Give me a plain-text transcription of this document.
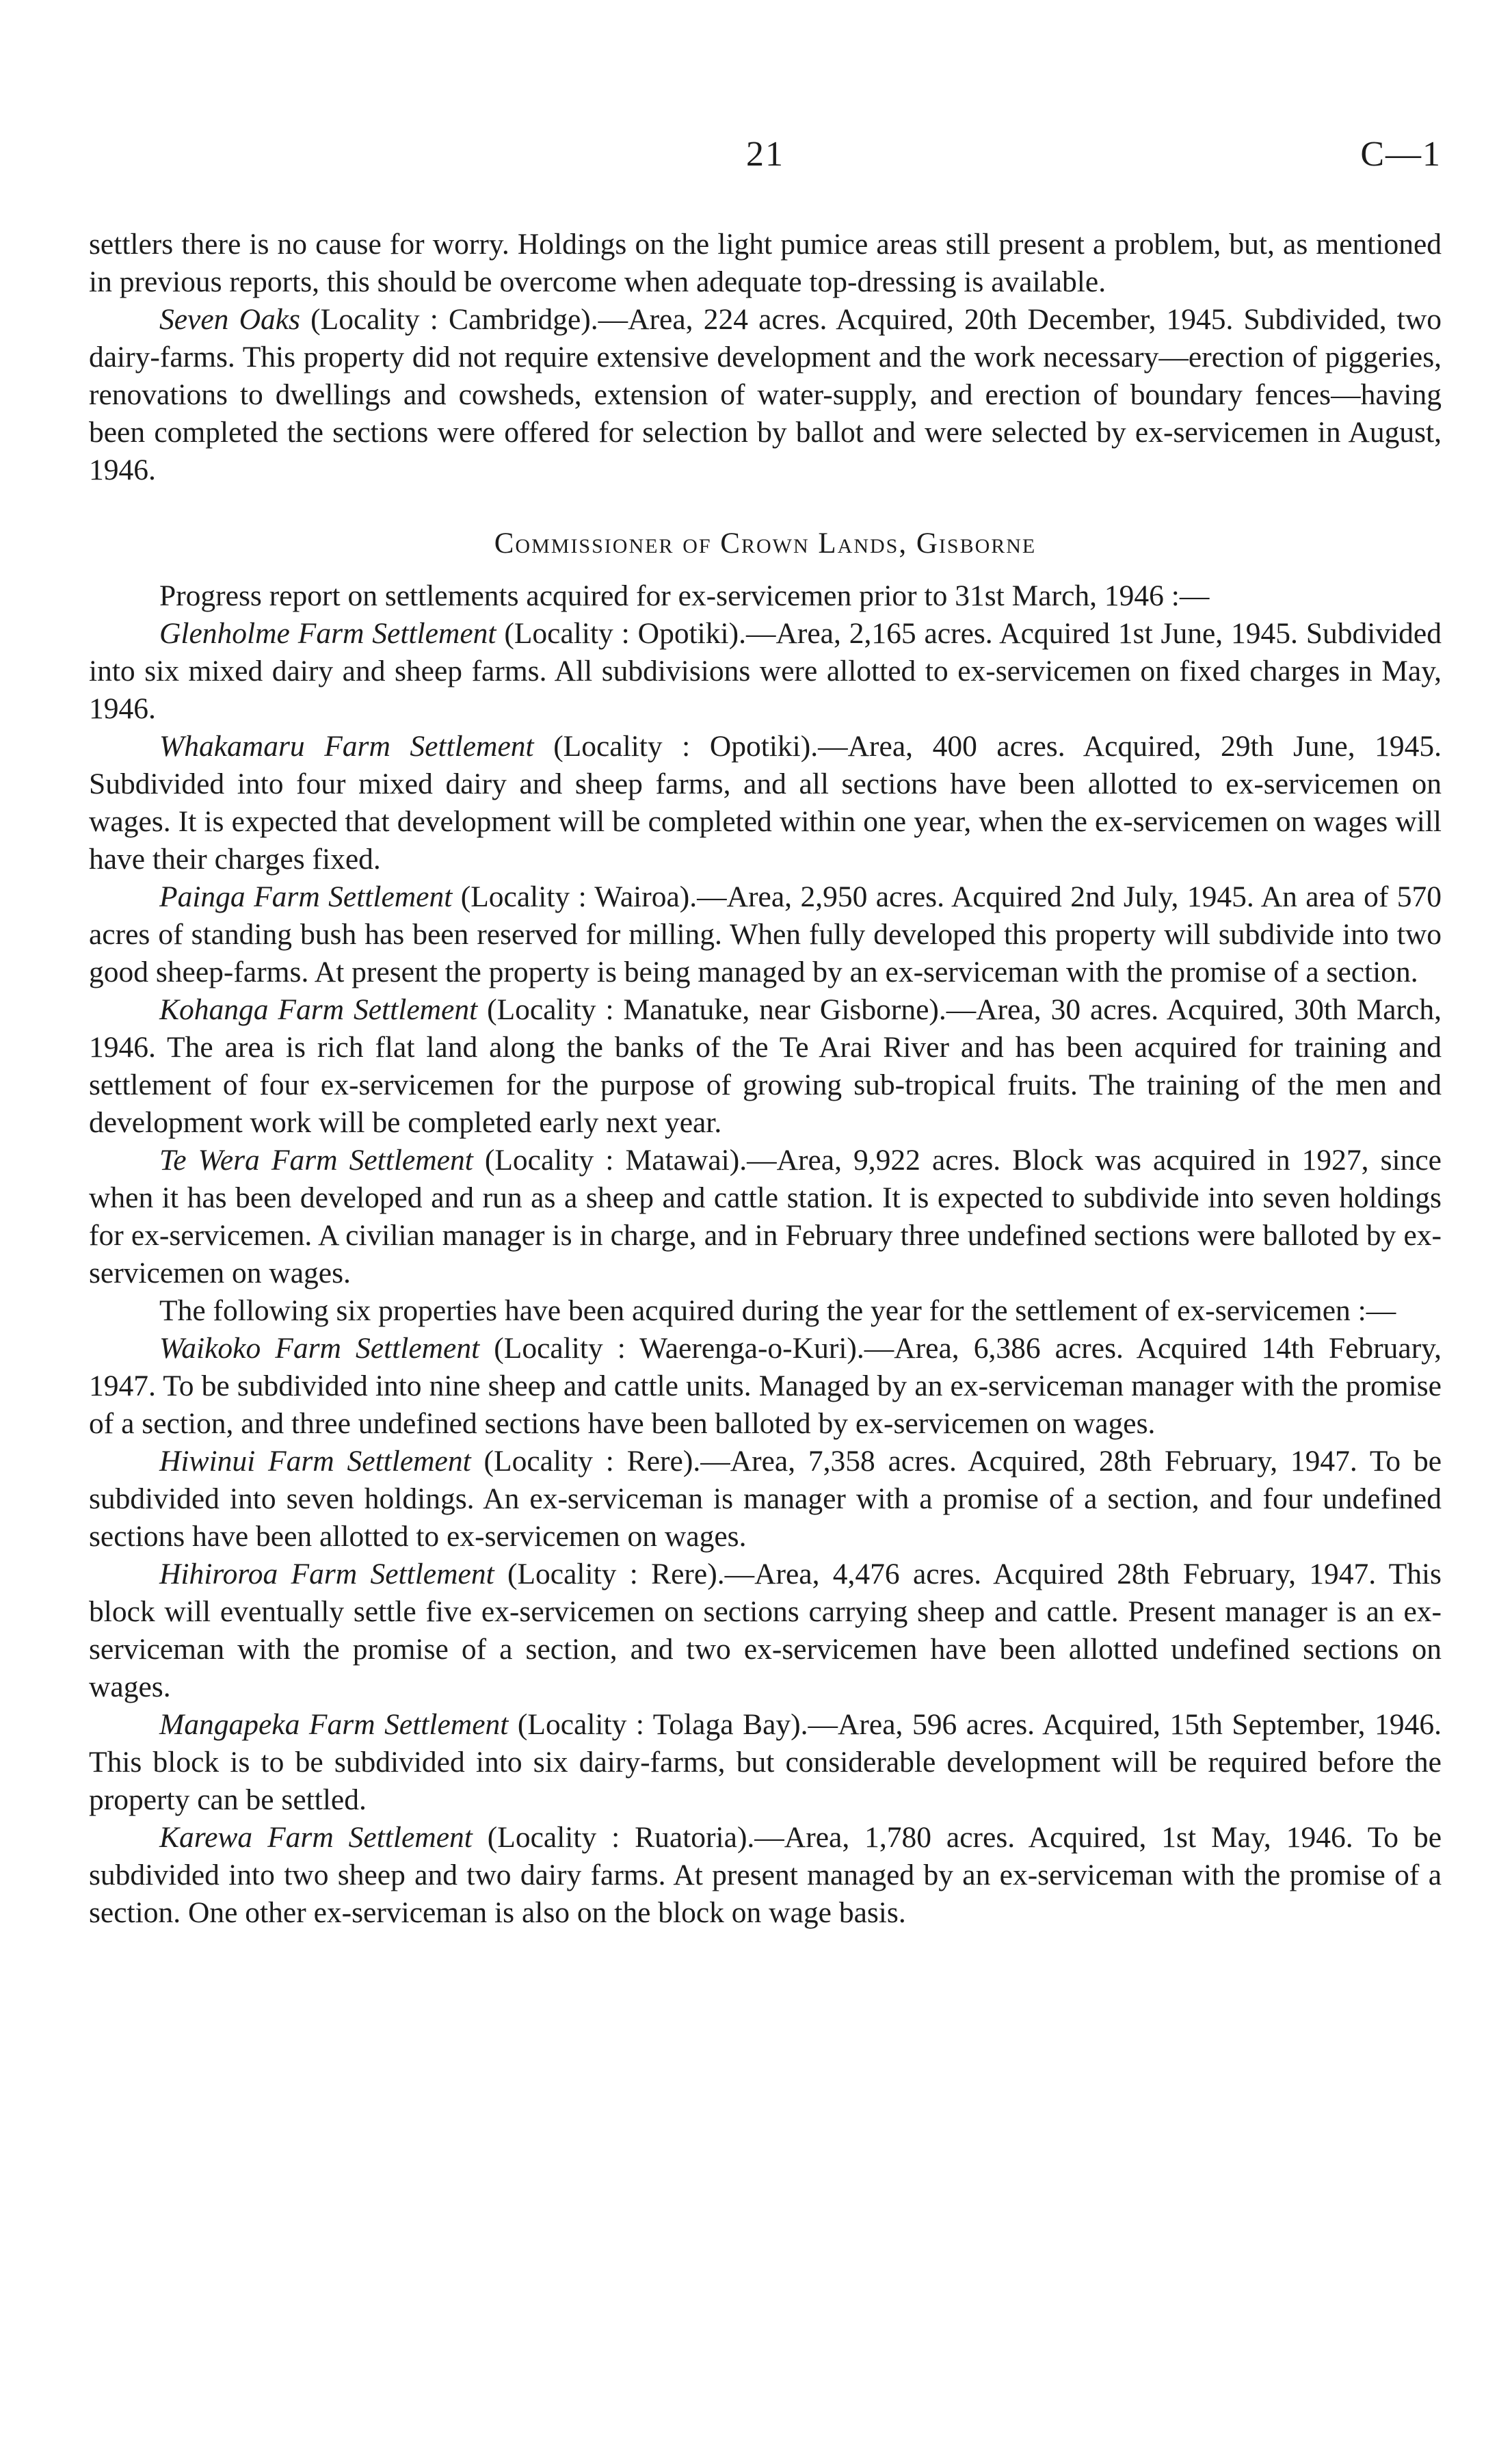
21	C—1

settlers there is no cause for worry. Holdings on the light pumice areas still present a problem, but, as mentioned in previous reports, this should be overcome when adequate top-dressing is available.

Seven Oaks (Locality : Cambridge).—Area, 224 acres. Acquired, 20th December, 1945. Subdivided, two dairy-farms. This property did not require extensive development and the work necessary—erection of piggeries, renovations to dwellings and cowsheds, extension of water-supply, and erection of boundary fences—having been completed the sections were offered for selection by ballot and were selected by ex-servicemen in August, 1946.

Commissioner of Crown Lands, Gisborne

Progress report on settlements acquired for ex-servicemen prior to 31st March, 1946 :—

Glenholme Farm Settlement (Locality : Opotiki).—Area, 2,165 acres. Acquired 1st June, 1945. Subdivided into six mixed dairy and sheep farms. All subdivisions were allotted to ex-servicemen on fixed charges in May, 1946.

Whakamaru Farm Settlement (Locality : Opotiki).—Area, 400 acres. Acquired, 29th June, 1945. Subdivided into four mixed dairy and sheep farms, and all sections have been allotted to ex-servicemen on wages. It is expected that development will be completed within one year, when the ex-servicemen on wages will have their charges fixed.

Painga Farm Settlement (Locality : Wairoa).—Area, 2,950 acres. Acquired 2nd July, 1945. An area of 570 acres of standing bush has been reserved for milling. When fully developed this property will subdivide into two good sheep-farms. At present the property is being managed by an ex-serviceman with the promise of a section.

Kohanga Farm Settlement (Locality : Manatuke, near Gisborne).—Area, 30 acres. Acquired, 30th March, 1946. The area is rich flat land along the banks of the Te Arai River and has been acquired for training and settlement of four ex-servicemen for the purpose of growing sub-tropical fruits. The training of the men and development work will be completed early next year.

Te Wera Farm Settlement (Locality : Matawai).—Area, 9,922 acres. Block was acquired in 1927, since when it has been developed and run as a sheep and cattle station. It is expected to subdivide into seven holdings for ex-servicemen. A civilian manager is in charge, and in February three undefined sections were balloted by ex-servicemen on wages.

The following six properties have been acquired during the year for the settlement of ex-servicemen :—

Waikoko Farm Settlement (Locality : Waerenga-o-Kuri).—Area, 6,386 acres. Acquired 14th February, 1947. To be subdivided into nine sheep and cattle units. Managed by an ex-serviceman manager with the promise of a section, and three undefined sections have been balloted by ex-servicemen on wages.

Hiwinui Farm Settlement (Locality : Rere).—Area, 7,358 acres. Acquired, 28th February, 1947. To be subdivided into seven holdings. An ex-serviceman is manager with a promise of a section, and four undefined sections have been allotted to ex-servicemen on wages.

Hihiroroa Farm Settlement (Locality : Rere).—Area, 4,476 acres. Acquired 28th February, 1947. This block will eventually settle five ex-servicemen on sections carrying sheep and cattle. Present manager is an ex-serviceman with the promise of a section, and two ex-servicemen have been allotted undefined sections on wages.

Mangapeka Farm Settlement (Locality : Tolaga Bay).—Area, 596 acres. Acquired, 15th September, 1946. This block is to be subdivided into six dairy-farms, but considerable development will be required before the property can be settled.

Karewa Farm Settlement (Locality : Ruatoria).—Area, 1,780 acres. Acquired, 1st May, 1946. To be subdivided into two sheep and two dairy farms. At present managed by an ex-serviceman with the promise of a section. One other ex-serviceman is also on the block on wage basis.
